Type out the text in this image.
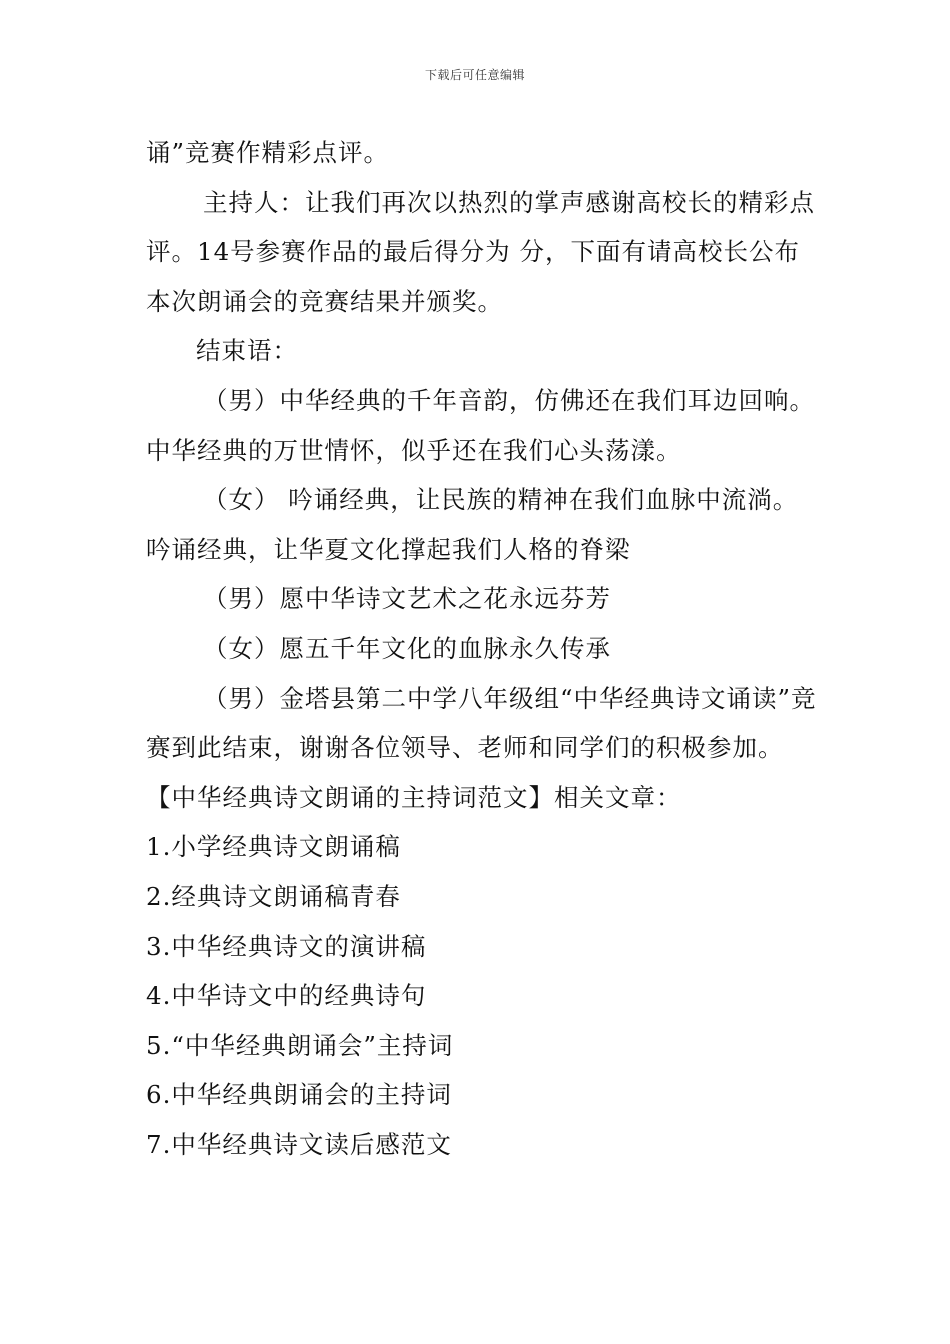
下载后可任意编辑

诵”竞赛作精彩点评。

主持人：让我们再次以热烈的掌声感谢高校长的精彩点评。14号参赛作品的最后得分为 分，下面有请高校长公布本次朗诵会的竞赛结果并颁奖。

结束语：

（男）中华经典的千年音韵，仿佛还在我们耳边回响。中华经典的万世情怀，似乎还在我们心头荡漾。

（女） 吟诵经典，让民族的精神在我们血脉中流淌。吟诵经典，让华夏文化撑起我们人格的脊梁

（男）愿中华诗文艺术之花永远芬芳

（女）愿五千年文化的血脉永久传承

（男）金塔县第二中学八年级组“中华经典诗文诵读”竞赛到此结束，谢谢各位领导、老师和同学们的积极参加。

【中华经典诗文朗诵的主持词范文】相关文章：

1.小学经典诗文朗诵稿

2.经典诗文朗诵稿青春

3.中华经典诗文的演讲稿

4.中华诗文中的经典诗句

5.“中华经典朗诵会”主持词

6.中华经典朗诵会的主持词

7.中华经典诗文读后感范文
